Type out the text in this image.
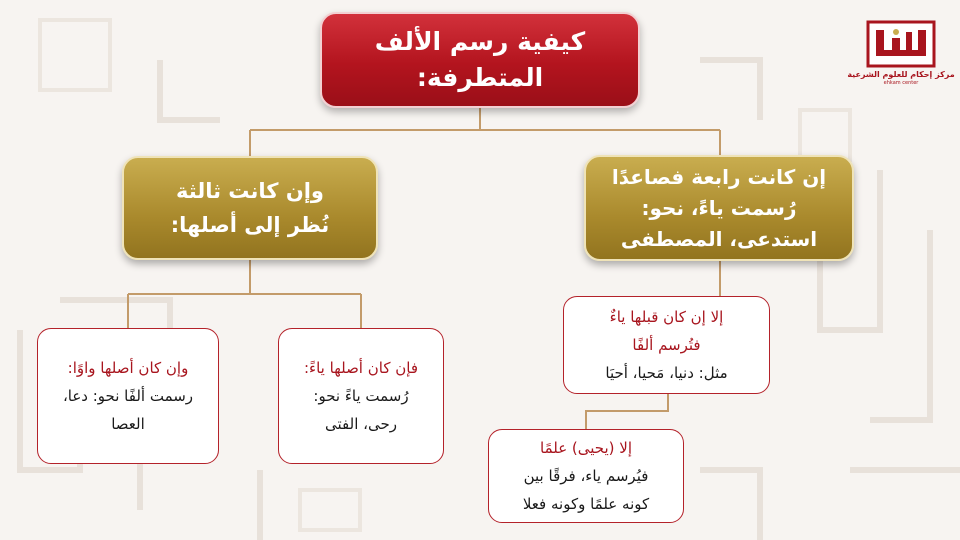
مركز إحكام للعلوم الشرعية
ehkam center
كيفية رسم الألف
المتطرفة:
إن كانت رابعة فصاعدًا
رُسمت ياءً، نحو:
استدعى، المصطفى
وإن كانت ثالثة
نُظر إلى أصلها:
فإن كان أصلها ياءً:
رُسمت ياءً نحو:
رحى، الفتى
وإن كان أصلها واوًا:
رسمت ألفًا نحو: دعا،
العصا
إلا إن كان قبلها ياءٌ
فتُرسم ألفًا
مثل: دنيا، مَحيا، أحيَا
إلا (يحيى) علمًا
فيُرسم ياء، فرقًا بين
كونه علمًا وكونه فعلا
